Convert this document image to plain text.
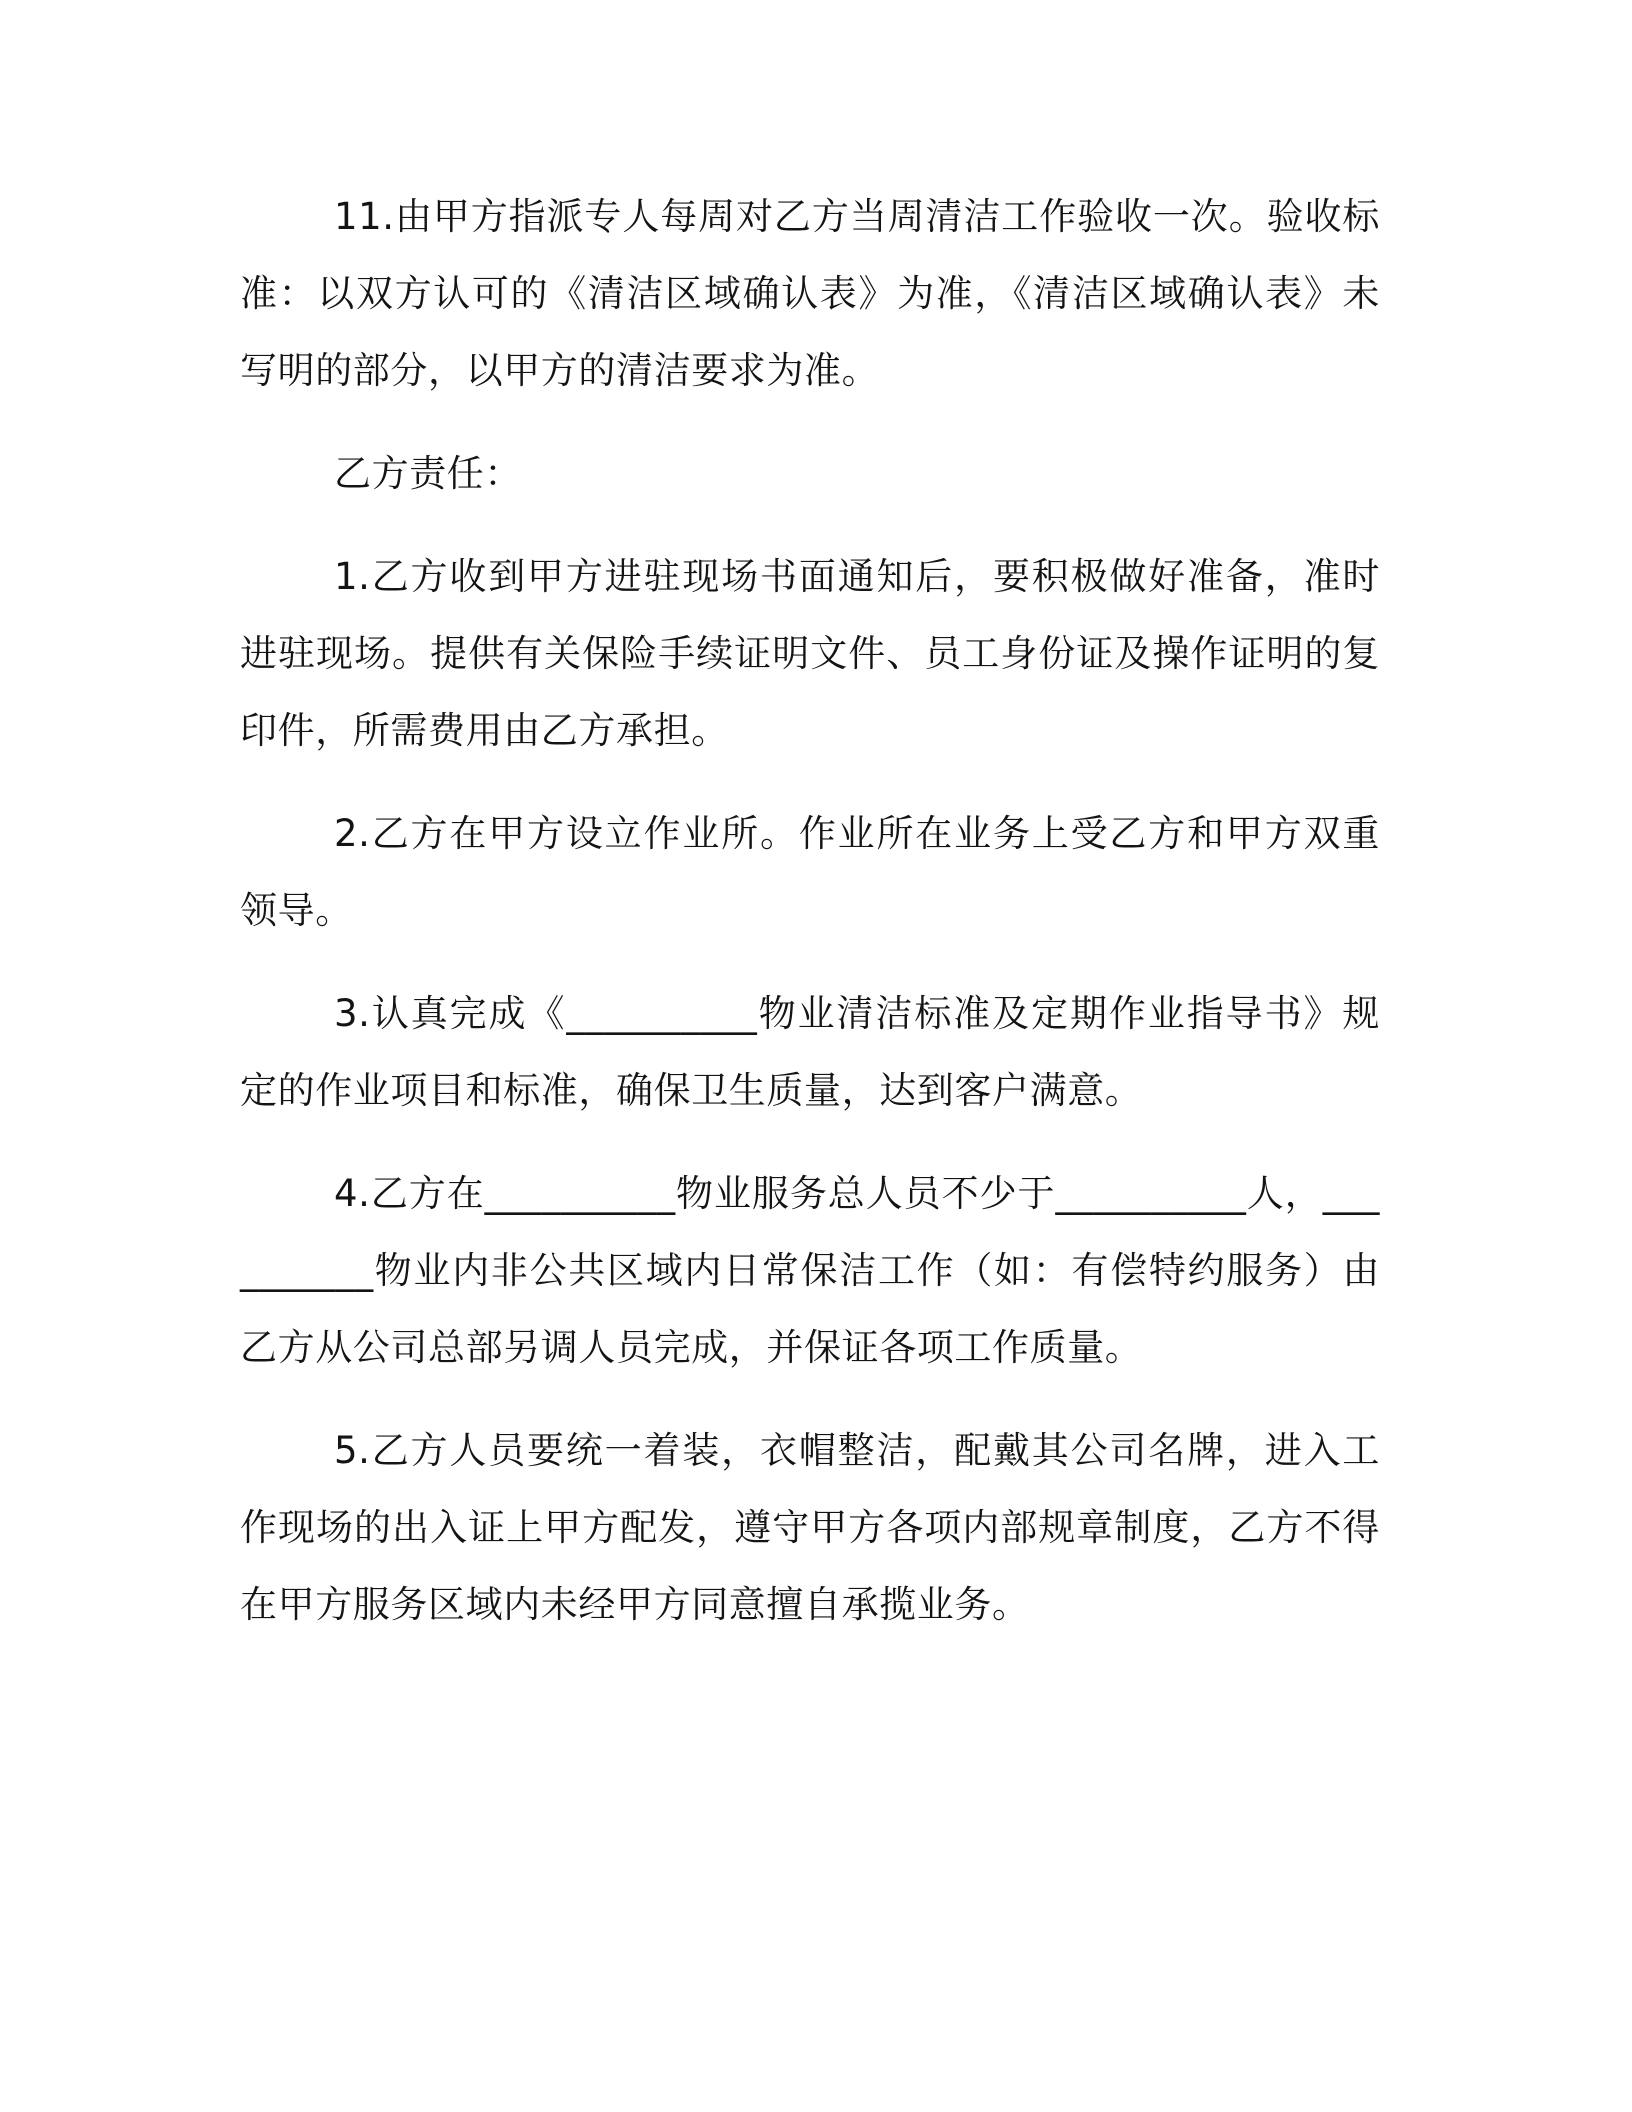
11.由甲方指派专人每周对乙方当周清洁工作验收一次。验收标准：以双方认可的《清洁区域确认表》为准，《清洁区域确认表》未写明的部分，以甲方的清洁要求为准。

乙方责任：

1.乙方收到甲方进驻现场书面通知后，要积极做好准备，准时进驻现场。提供有关保险手续证明文件、员工身份证及操作证明的复印件，所需费用由乙方承担。

2.乙方在甲方设立作业所。作业所在业务上受乙方和甲方双重领导。

3.认真完成《__________物业清洁标准及定期作业指导书》规定的作业项目和标准，确保卫生质量，达到客户满意。

4.乙方在__________物业服务总人员不少于__________人，__________物业内非公共区域内日常保洁工作（如：有偿特约服务）由乙方从公司总部另调人员完成，并保证各项工作质量。

5.乙方人员要统一着装，衣帽整洁，配戴其公司名牌，进入工作现场的出入证上甲方配发，遵守甲方各项内部规章制度，乙方不得在甲方服务区域内未经甲方同意擅自承揽业务。
